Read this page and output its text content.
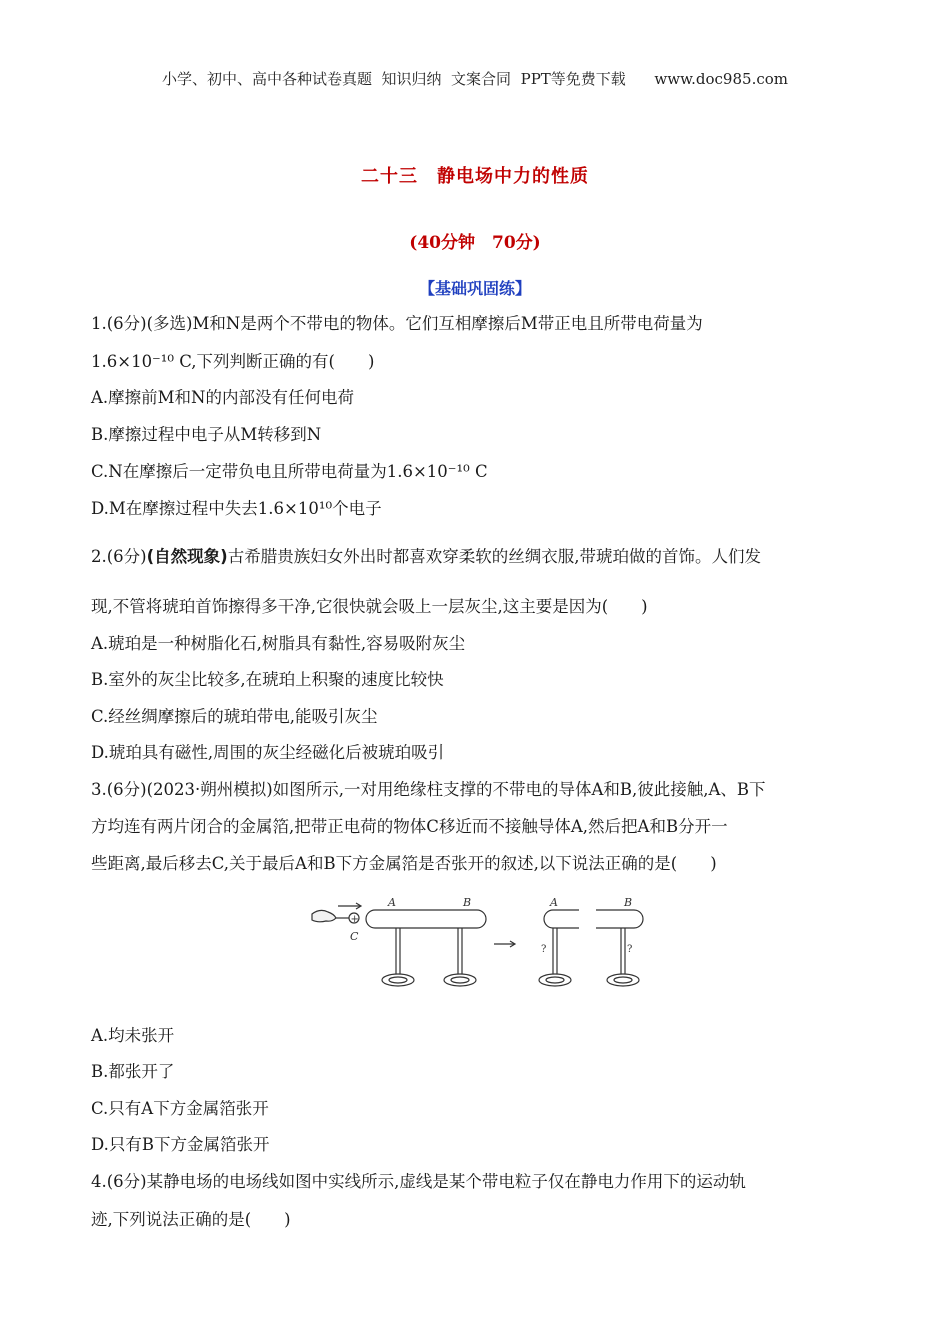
小学、初中、高中各种试卷真题  知识归纳  文案合同  PPT等免费下载      www.doc985.com
二十三　静电场中力的性质
(40分钟　70分)
【基础巩固练】
1.(6分)(多选)M和N是两个不带电的物体。它们互相摩擦后M带正电且所带电荷量为
1.6×10⁻¹⁰ C,下列判断正确的有(　　)
A.摩擦前M和N的内部没有任何电荷
B.摩擦过程中电子从M转移到N
C.N在摩擦后一定带负电且所带电荷量为1.6×10⁻¹⁰ C
D.M在摩擦过程中失去1.6×10¹⁰个电子
2.(6分)(自然现象)古希腊贵族妇女外出时都喜欢穿柔软的丝绸衣服,带琥珀做的首饰。人们发
现,不管将琥珀首饰擦得多干净,它很快就会吸上一层灰尘,这主要是因为(　　)
A.琥珀是一种树脂化石,树脂具有黏性,容易吸附灰尘
B.室外的灰尘比较多,在琥珀上积聚的速度比较快
C.经丝绸摩擦后的琥珀带电,能吸引灰尘
D.琥珀具有磁性,周围的灰尘经磁化后被琥珀吸引
3.(6分)(2023·朔州模拟)如图所示,一对用绝缘柱支撑的不带电的导体A和B,彼此接触,A、B下
方均连有两片闭合的金属箔,把带正电荷的物体C移近而不接触导体A,然后把A和B分开一
些距离,最后移去C,关于最后A和B下方金属箔是否张开的叙述,以下说法正确的是(　　)
+
C
A	B	A	B
?	?
A.均未张开
B.都张开了
C.只有A下方金属箔张开
D.只有B下方金属箔张开
4.(6分)某静电场的电场线如图中实线所示,虚线是某个带电粒子仅在静电力作用下的运动轨
迹,下列说法正确的是(　　)
